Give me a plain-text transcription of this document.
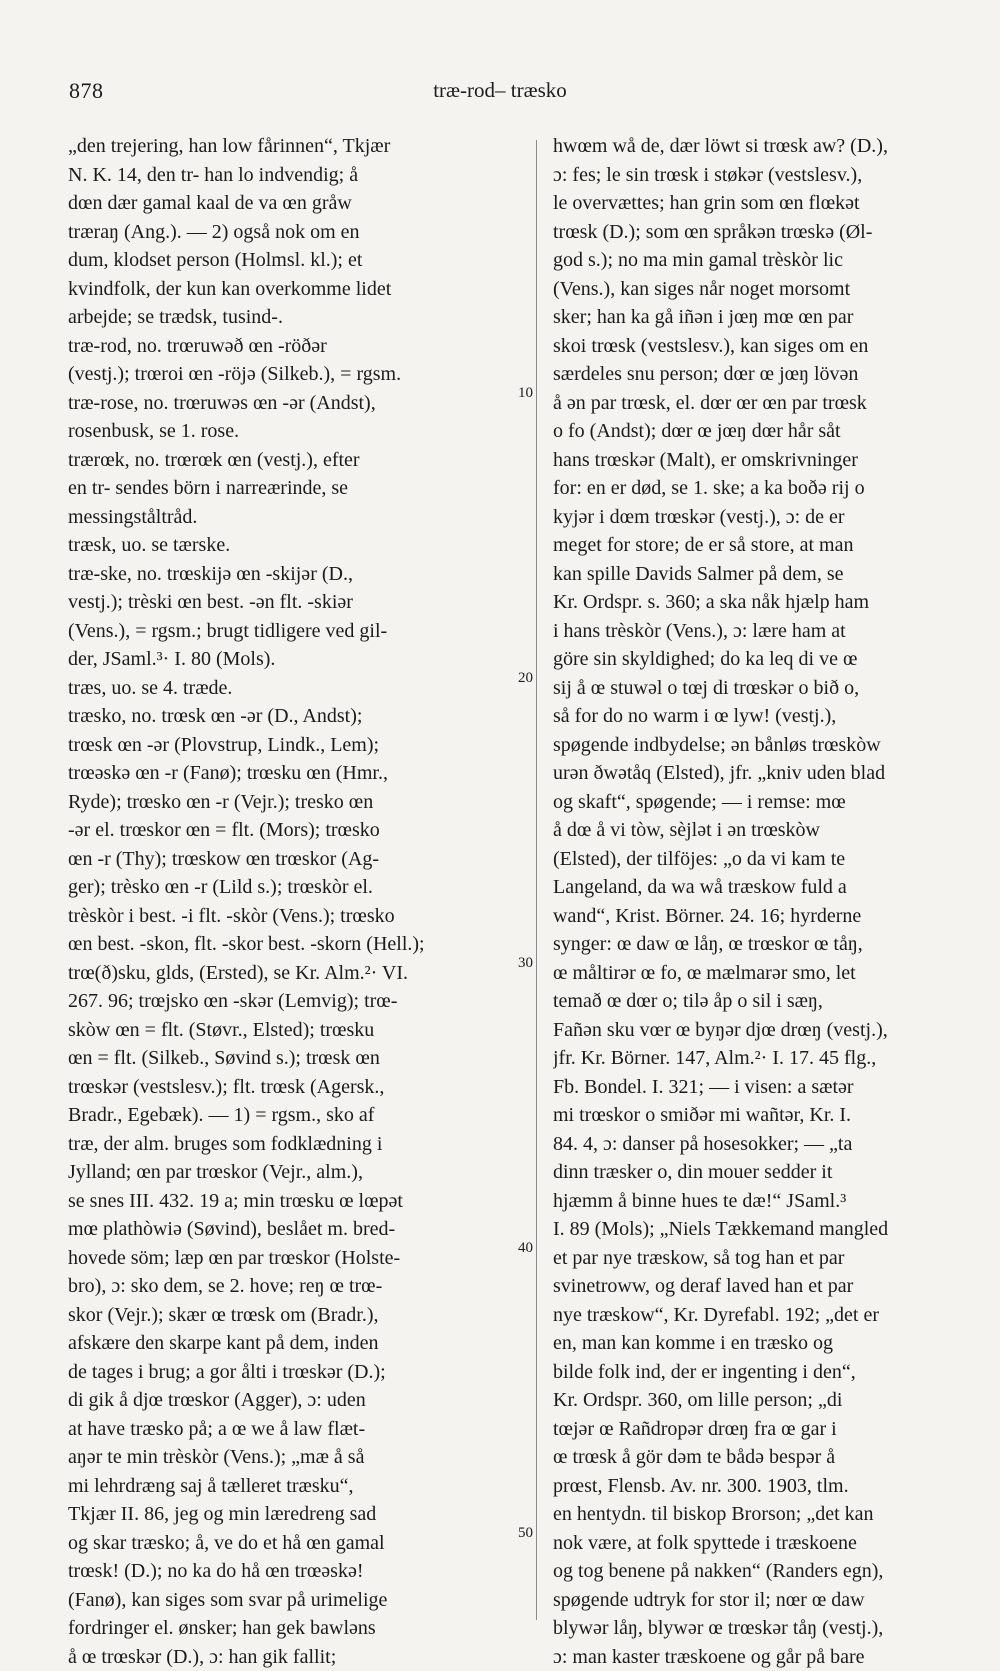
878	træ-rod– træsko
„den trejering, han low fårinnen“, Tkjær
N. K. 14, den tr- han lo indvendig; å
dœn dær gamal kaal de va œn gråw
træraŋ (Ang.). — 2) også nok om en
dum, klodset person (Holmsl. kl.); et
kvindfolk, der kun kan overkomme lidet
arbejde; se trædsk, tusind-.
træ-rod, no. trœruwəð œn -röðər
(vestj.); trœroi œn -röjə (Silkeb.), = rgsm.
træ-rose, no. trœruwəs œn -ər (Andst),
rosenbusk, se 1. rose.
trærœk, no. trœrœk œn (vestj.), efter
en tr- sendes börn i narreærinde, se
messingståltråd.
træsk, uo. se tærske.
træ-ske, no. trœskijə œn -skijər (D.,
vestj.); trèski œn best. -ən flt. -skiər
(Vens.), = rgsm.; brugt tidligere ved gil-
der, JSaml.³· I. 80 (Mols).
træs, uo. se 4. træde.
træsko, no. trœsk œn -ər (D., Andst);
trœsk œn -ər (Plovstrup, Lindk., Lem);
trœəskə œn -r (Fanø); trœsku œn (Hmr.,
Ryde); trœsko œn -r (Vejr.); tresko œn
-ər el. trœskor œn = flt. (Mors); trœsko
œn -r (Thy); trœskow œn trœskor (Ag-
ger); trèsko œn -r (Lild s.); trœskòr el.
trèskòr i best. -i flt. -skòr (Vens.); trœsko
œn best. -skon, flt. -skor best. -skorn (Hell.);
trœ(ð)sku, glds, (Ersted), se Kr. Alm.²· VI.
267. 96; trœjsko œn -skər (Lemvig); trœ-
skòw œn = flt. (Støvr., Elsted); trœsku
œn = flt. (Silkeb., Søvind s.); trœsk œn
trœskər (vestslesv.); flt. trœsk (Agersk.,
Bradr., Egebæk). — 1) = rgsm., sko af
træ, der alm. bruges som fodklædning i
Jylland; œn par trœskor (Vejr., alm.),
se snes III. 432. 19 a; min trœsku œ lœpət
mœ plathòwiə (Søvind), beslået m. bred-
hovede söm; læp œn par trœskor (Holste-
bro), ɔ: sko dem, se 2. hove; reŋ œ trœ-
skor (Vejr.); skær œ trœsk om (Bradr.),
afskære den skarpe kant på dem, inden
de tages i brug; a gor ålti i trœskər (D.);
di gik å djœ trœskor (Agger), ɔ: uden
at have træsko på; a œ we å law flæt-
aŋər te min trèskòr (Vens.); „mæ å så
mi lehrdræng saj å tælleret træsku“,
Tkjær II. 86, jeg og min læredreng sad
og skar træsko; å, ve do et hå œn gamal
trœsk! (D.); no ka do hå œn trœəskə!
(Fanø), kan siges som svar på urimelige
fordringer el. ønsker; han gek bawləns
å œ trœskər (D.), ɔ: han gik fallit;
hwœm wå de, dær löwt si trœsk aw? (D.),
ɔ: fes; le sin trœsk i støkər (vestslesv.),
le overvættes; han grin som œn flœkət
trœsk (D.); som œn språkən trœskə (Øl-
god s.); no ma min gamal trèskòr lic
(Vens.), kan siges når noget morsomt
sker; han ka gå iñən i jœŋ mœ œn par
skoi trœsk (vestslesv.), kan siges om en
særdeles snu person; dœr œ jœŋ lövən
å ən par trœsk, el. dœr œr œn par trœsk
o fo (Andst); dœr œ jœŋ dœr hår såt
hans trœskər (Malt), er omskrivninger
for: en er død, se 1. ske; a ka boðə rij o
kyjər i dœm trœskər (vestj.), ɔ: de er
meget for store; de er så store, at man
kan spille Davids Salmer på dem, se
Kr. Ordspr. s. 360; a ska nåk hjælp ham
i hans trèskòr (Vens.), ɔ: lære ham at
göre sin skyldighed; do ka leq di ve œ
sij å œ stuwəl o tœj di trœskər o bið o,
så for do no warm i œ lyw! (vestj.),
spøgende indbydelse; ən bånløs trœskòw
urən ðwətåq (Elsted), jfr. „kniv uden blad
og skaft“, spøgende; — i remse: mœ
å dœ å vi tòw, sèjlət i ən trœskòw
(Elsted), der tilföjes: „o da vi kam te
Langeland, da wa wå træskow fuld a
wand“, Krist. Börner. 24. 16; hyrderne
synger: œ daw œ låŋ, œ trœskor œ tåŋ,
œ måltirər œ fo, œ mælmarər smo, let
temað œ dœr o; tilə åp o sil i sæŋ,
Fañən sku vœr œ byŋər djœ drœŋ (vestj.),
jfr. Kr. Börner. 147, Alm.²· I. 17. 45 flg.,
Fb. Bondel. I. 321; — i visen: a sætər
mi trœskor o smiðər mi wañtər, Kr. I.
84. 4, ɔ: danser på hosesokker; — „ta
dinn træsker o, din mouer sedder it
hjæmm å binne hues te dæ!“ JSaml.³
I. 89 (Mols); „Niels Tækkemand mangled
et par nye træskow, så tog han et par
svinetroww, og deraf laved han et par
nye træskow“, Kr. Dyrefabl. 192; „det er
en, man kan komme i en træsko og
bilde folk ind, der er ingenting i den“,
Kr. Ordspr. 360, om lille person; „di
tœjər œ Rañdropər drœŋ fra œ gar i
œ trœsk å gör dəm te bådə bespər å
prœst, Flensb. Av. nr. 300. 1903, tlm.
en hentydn. til biskop Brorson; „det kan
nok være, at folk spyttede i træskoene
og tog benene på nakken“ (Randers egn),
spøgende udtryk for stor il; nœr œ daw
blywər låŋ, blywər œ trœskər tåŋ (vestj.),
ɔ: man kaster træskoene og går på bare
10
20
30
40
50
